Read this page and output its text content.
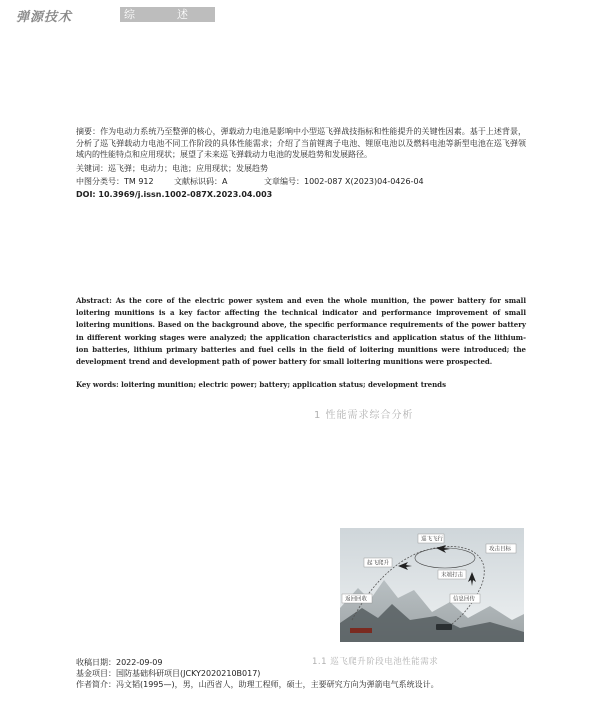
弹源技术	综述
摘要：作为电动力系统乃至整弹的核心，弹载动力电池是影响中小型巡飞弹战技指标和性能提升的关键性因素。基于上述背景，分析了巡飞弹载动力电池不同工作阶段的具体性能需求；介绍了当前锂离子电池、锂原电池以及燃料电池等新型电池在巡飞弹领域内的性能特点和应用现状；展望了未来巡飞弹载动力电池的发展趋势和发展路径。
关键词：巡飞弹；电动力；电池；应用现状；发展趋势
中图分类号：TM 912	文献标识码：A	文章编号：1002-087 X(2023)04-0426-04
DOI: 10.3969/j.issn.1002-087X.2023.04.003
Abstract: As the core of the electric power system and even the whole munition, the power battery for small loitering munitions is a key factor affecting the technical indicator and performance improvement of small loitering munitions. Based on the background above, the specific performance requirements of the power battery in different working stages were analyzed; the application characteristics and application status of the lithium-ion batteries, lithium primary batteries and fuel cells in the field of loitering munitions were introduced; the development trend and development path of power battery for small loitering munitions were prospected.
Key words: loitering munition; electric power; battery; application status; development trends
1 性能需求综合分析
巡飞飞行
攻击目标
起飞爬升
末端打击
信息回传
返回回收
1.1 巡飞爬升阶段电池性能需求
收稿日期：2022-09-09
基金项目：国防基础科研项目(JCKY2020210B017)
作者简介：冯文韬(1995—)，男，山西省人，助理工程师，硕士，主要研究方向为弹箭电气系统设计。
